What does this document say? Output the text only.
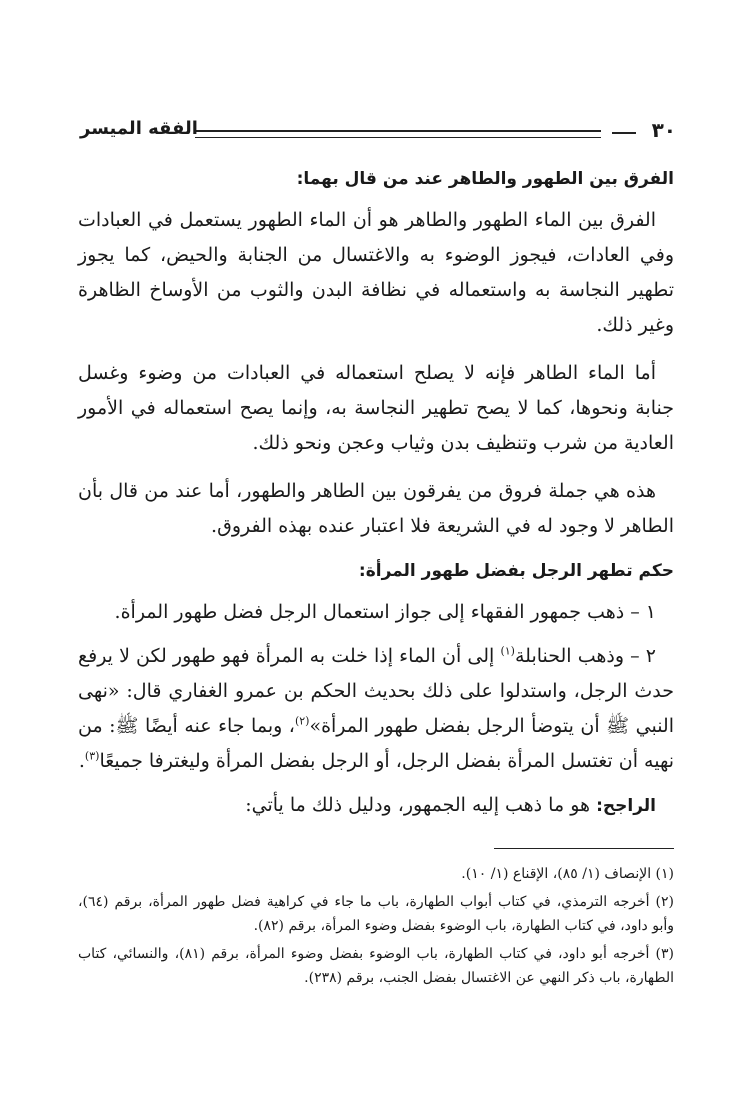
٣٠
الفقه الميسر
الفرق بين الطهور والطاهر عند من قال بهما:

الفرق بين الماء الطهور والطاهر هو أن الماء الطهور يستعمل في العبادات وفي العادات، فيجوز الوضوء به والاغتسال من الجنابة والحيض، كما يجوز تطهير النجاسة به واستعماله في نظافة البدن والثوب من الأوساخ الظاهرة وغير ذلك.

أما الماء الطاهر فإنه لا يصلح استعماله في العبادات من وضوء وغسل جنابة ونحوها، كما لا يصح تطهير النجاسة به، وإنما يصح استعماله في الأمور العادية من شرب وتنظيف بدن وثياب وعجن ونحو ذلك.

هذه هي جملة فروق من يفرقون بين الطاهر والطهور، أما عند من قال بأن الطاهر لا وجود له في الشريعة فلا اعتبار عنده بهذه الفروق.

حكم تطهر الرجل بفضل طهور المرأة:

١ – ذهب جمهور الفقهاء إلى جواز استعمال الرجل فضل طهور المرأة.

٢ – وذهب الحنابلة$^{(١)}$ إلى أن الماء إذا خلت به المرأة فهو طهور لكن لا يرفع حدث الرجل، واستدلوا على ذلك بحديث الحكم بن عمرو الغفاري قال: «نهى النبي ﷺ أن يتوضأ الرجل بفضل طهور المرأة»$^{(٢)}$، وبما جاء عنه أيضًا ﷺ: من نهيه أن تغتسل المرأة بفضل الرجل، أو الرجل بفضل المرأة وليغترفا جميعًا$^{(٣)}$.

الراجح: هو ما ذهب إليه الجمهور، ودليل ذلك ما يأتي:

(١) الإنصاف (١/ ٨٥)، الإقناع (١/ ١٠).

(٢) أخرجه الترمذي، في كتاب أبواب الطهارة، باب ما جاء في كراهية فضل طهور المرأة، برقم (٦٤)، وأبو داود، في كتاب الطهارة، باب الوضوء بفضل وضوء المرأة، برقم (٨٢).

(٣) أخرجه أبو داود، في كتاب الطهارة، باب الوضوء بفضل وضوء المرأة، برقم (٨١)، والنسائي، كتاب الطهارة، باب ذكر النهي عن الاغتسال بفضل الجنب، برقم (٢٣٨).
